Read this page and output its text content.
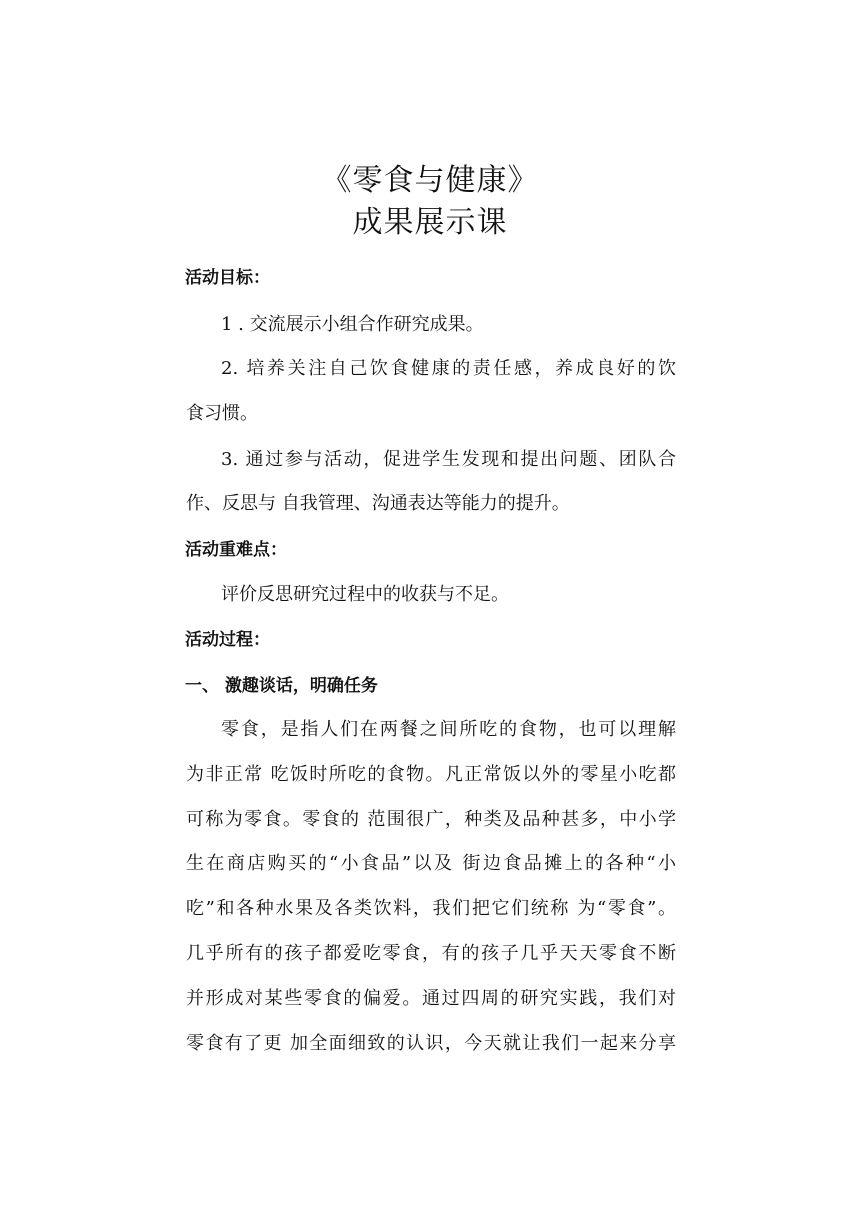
《零食与健康》
成果展示课
活动目标：
1 . 交流展示小组合作研究成果。
2. 培养关注自己饮食健康的责任感，养成良好的饮
食习惯。
3. 通过参与活动，促进学生发现和提出问题、团队合
作、反思与 自我管理、沟通表达等能力的提升。
活动重难点：
评价反思研究过程中的收获与不足。
活动过程：
一、 激趣谈话，明确任务
零食，是指人们在两餐之间所吃的食物，也可以理解
为非正常 吃饭时所吃的食物。凡正常饭以外的零星小吃都
可称为零食。零食的 范围很广，种类及品种甚多，中小学
生在商店购买的“小食品”以及 街边食品摊上的各种“小
吃”和各种水果及各类饮料，我们把它们统称 为“零食”。
几乎所有的孩子都爱吃零食，有的孩子几乎天天零食不断
并形成对某些零食的偏爱。通过四周的研究实践，我们对
零食有了更 加全面细致的认识，今天就让我们一起来分享
